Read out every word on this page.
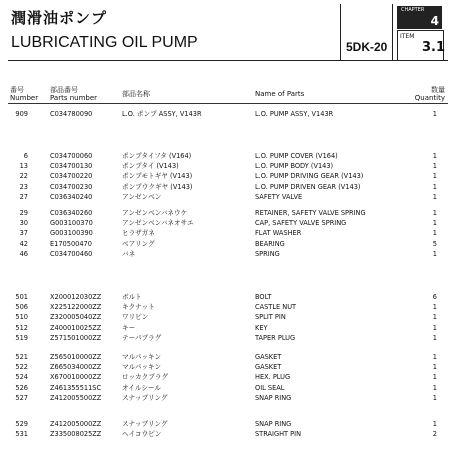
潤滑油ポンプ
LUBRICATING OIL PUMP	5DK-20
CHAPTER
4
ITEM
3.1
番号
Number
部品番号
Parts number	部品名称	Name of Parts	数量
Quantity
909	C034780090	L.O. ポンプ ASSY, V143R	L.O. PUMP ASSY, V143R	1
6	C034700060	ポンプタイフタ (V164)	L.O. PUMP COVER (V164)	1
13	C034700130	ポンプタイ (V143)	L.O. PUMP BODY (V143)	1
22	C034700220	ポンプモトギヤ (V143)	L.O. PUMP DRIVING GEAR (V143)	1
23	C034700230	ポンプウクギヤ (V143)	L.O. PUMP DRIVEN GEAR (V143)	1
27	C036340240	アンゼンベン	SAFETY VALVE	1
29	C036340260	アンゼンベンバネウケ	RETAINER, SAFETY VALVE SPRING	1
30	G003100370	アンゼンベンバネオサエ	CAP, SAFETY VALVE SPRING	1
37	G003100390	ヒラザガネ	FLAT WASHER	1
42	E170500470	ベアリング	BEARING	5
46	C034700460	バネ	SPRING	1
501	X200012030ZZ	ボルト	BOLT	6
506	X225122000ZZ	キクナット	CASTLE NUT	1
510	Z320005040ZZ	ワリピン	SPLIT PIN	1
512	Z400010025ZZ	キー	KEY	1
519	Z571501000ZZ	テーパプラグ	TAPER PLUG	1
521	Z565010000ZZ	マルパッキン	GASKET	1
522	Z665034000ZZ	マルパッキン	GASKET	1
524	X670010000ZZ	ロッカクプラグ	HEX. PLUG	1
526	Z461355511SC	オイルシール	OIL SEAL	1
527	Z412005500ZZ	スナップリング	SNAP RING	1
529	Z412005000ZZ	スナップリング	SNAP RING	1
531	Z335008025ZZ	ヘイコウピン	STRAIGHT PIN	2
